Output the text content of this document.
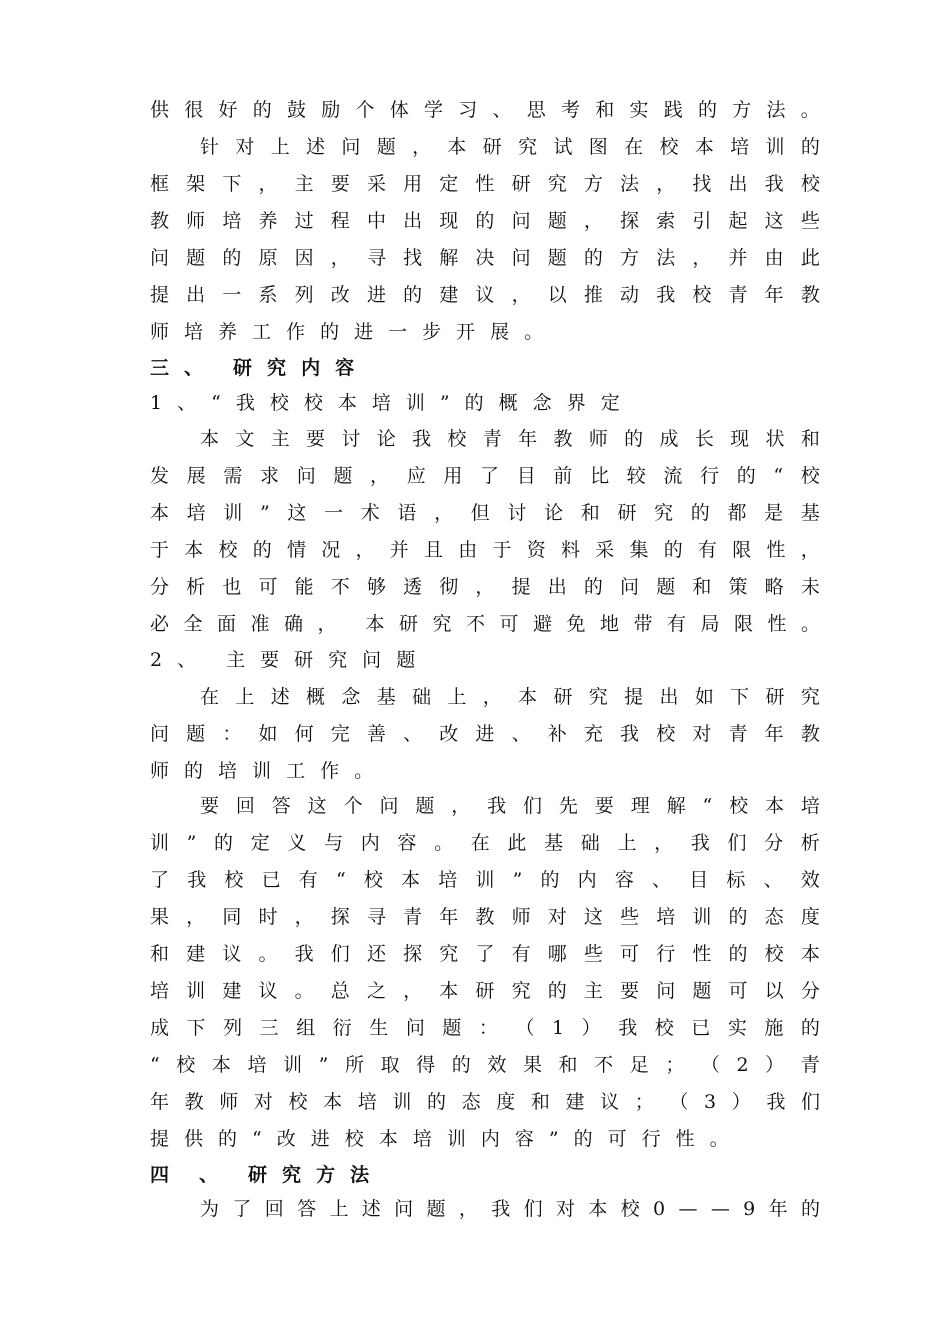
供 很 好 的 鼓 励 个 体 学 习 、 思 考 和 实 践 的 方 法 。
针 对 上 述 问 题 ， 本 研 究 试 图 在 校 本 培 训 的
框 架 下 ， 主 要 采 用 定 性 研 究 方 法 ， 找 出 我 校
教 师 培 养 过 程 中 出 现 的 问 题 ， 探 索 引 起 这 些
问 题 的 原 因 ， 寻 找 解 决 问 题 的 方 法 ， 并 由 此
提 出 一 系 列 改 进 的 建 议 ， 以 推 动 我 校 青 年 教
师 培 养 工 作 的 进 一 步 开 展 。
三 、 研 究 内 容
1 、 “ 我 校 校 本 培 训 ” 的 概 念 界 定
本 文 主 要 讨 论 我 校 青 年 教 师 的 成 长 现 状 和
发 展 需 求 问 题 ， 应 用 了 目 前 比 较 流 行 的 “ 校
本 培 训 ” 这 一 术 语 ， 但 讨 论 和 研 究 的 都 是 基
于 本 校 的 情 况 ， 并 且 由 于 资 料 采 集 的 有 限 性 ，
分 析 也 可 能 不 够 透 彻 ， 提 出 的 问 题 和 策 略 未
必 全 面 准 确 ， 本 研 究 不 可 避 免 地 带 有 局 限 性 。
2 、 主 要 研 究 问 题
在 上 述 概 念 基 础 上 ， 本 研 究 提 出 如 下 研 究
问 题 ： 如 何 完 善 、 改 进 、 补 充 我 校 对 青 年 教
师 的 培 训 工 作 。
要 回 答 这 个 问 题 ， 我 们 先 要 理 解 “ 校 本 培
训 ” 的 定 义 与 内 容 。 在 此 基 础 上 ， 我 们 分 析
了 我 校 已 有 “ 校 本 培 训 ” 的 内 容 、 目 标 、 效
果 ， 同 时 ， 探 寻 青 年 教 师 对 这 些 培 训 的 态 度
和 建 议 。 我 们 还 探 究 了 有 哪 些 可 行 性 的 校 本
培 训 建 议 。 总 之 ， 本 研 究 的 主 要 问 题 可 以 分
成 下 列 三 组 衍 生 问 题 ： （ 1 ） 我 校 已 实 施 的
“ 校 本 培 训 ” 所 取 得 的 效 果 和 不 足 ； （ 2 ） 青
年 教 师 对 校 本 培 训 的 态 度 和 建 议 ； （ 3 ） 我 们
提 供 的 “ 改 进 校 本 培 训 内 容 ” 的 可 行 性 。
四 、 研 究 方 法
为 了 回 答 上 述 问 题 ， 我 们 对 本 校 0 — — 9 年 的
